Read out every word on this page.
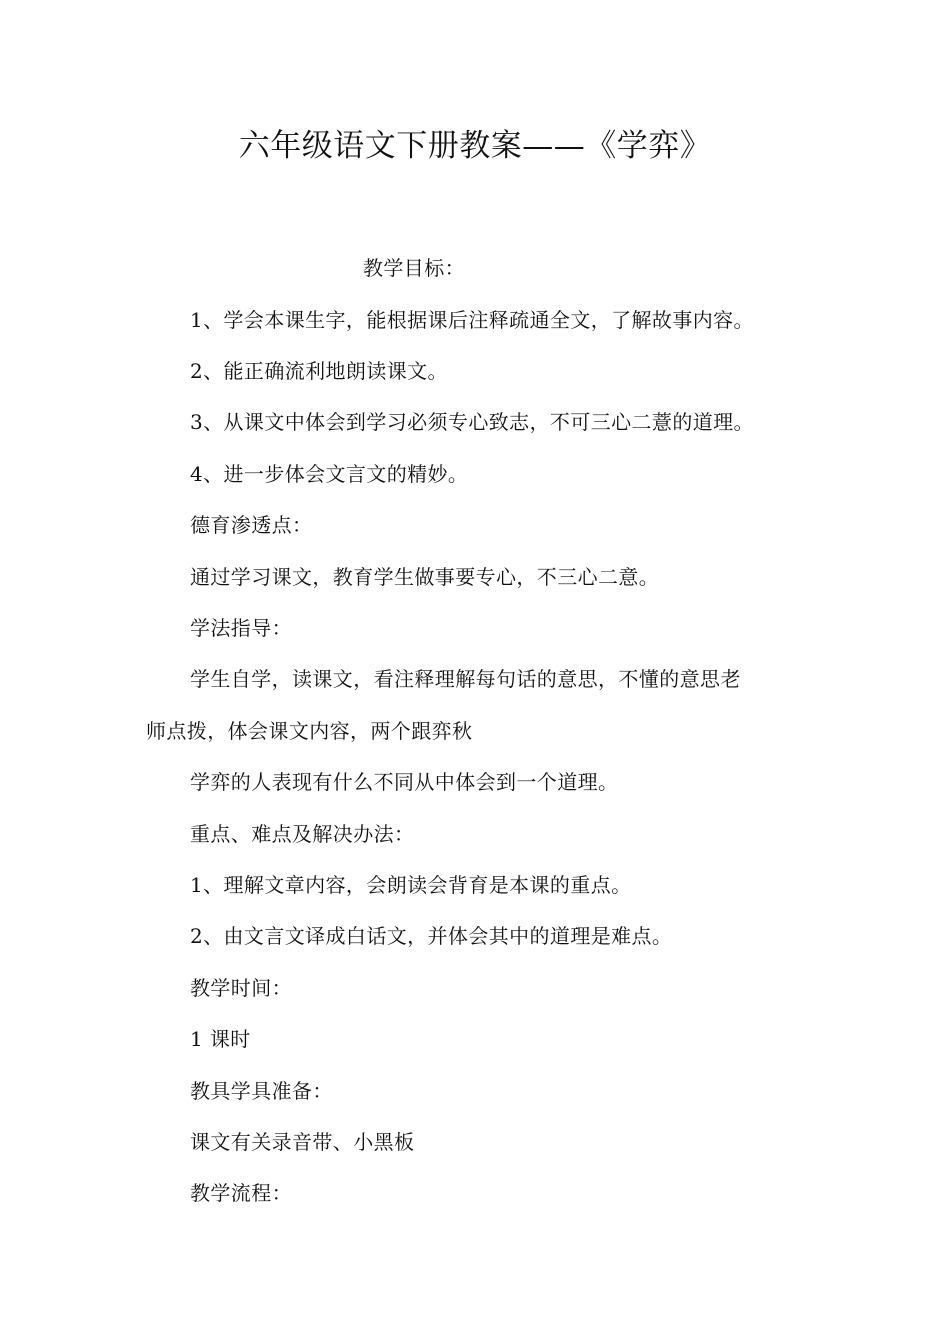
六年级语文下册教案——《学弈》
教学目标：
1、学会本课生字，能根据课后注释疏通全文，了解故事内容。
2、能正确流利地朗读课文。
3、从课文中体会到学习必须专心致志，不可三心二薏的道理。
4、进一步体会文言文的精妙。
德育渗透点：
通过学习课文，教育学生做事要专心，不三心二意。
学法指导：
学生自学，读课文，看注释理解每句话的意思，不懂的意思老
师点拨，体会课文内容，两个跟弈秋
学弈的人表现有什么不同从中体会到一个道理。
重点、难点及解决办法：
1、理解文章内容，会朗读会背育是本课的重点。
2、由文言文译成白话文，并体会其中的道理是难点。
教学时间：
1 课时
教具学具准备：
课文有关录音带、小黑板
教学流程：
